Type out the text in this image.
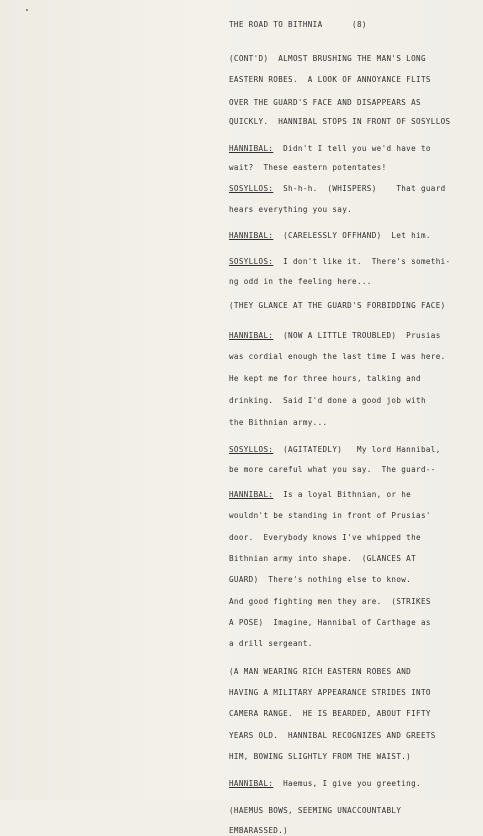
THE ROAD TO BITHNIA      (8)
(CONT'D)  ALMOST BRUSHING THE MAN'S LONG
EASTERN ROBES.  A LOOK OF ANNOYANCE FLITS
OVER THE GUARD'S FACE AND DISAPPEARS AS
QUICKLY.  HANNIBAL STOPS IN FRONT OF SOSYLLOS
HANNIBAL:  Didn't I tell you we'd have to
wait?  These eastern potentates!
SOSYLLOS:  Sh-h-h.  (WHISPERS)    That guard
hears everything you say.
HANNIBAL:  (CARELESSLY OFFHAND)  Let him.
SOSYLLOS:  I don't like it.  There's somethi-
ng odd in the feeling here...
(THEY GLANCE AT THE GUARD'S FORBIDDING FACE)
HANNIBAL:  (NOW A LITTLE TROUBLED)  Prusias
was cordial enough the last time I was here.
He kept me for three hours, talking and
drinking.  Said I'd done a good job with
the Bithnian army...
SOSYLLOS:  (AGITATEDLY)   My lord Hannibal,
be more careful what you say.  The guard--
HANNIBAL:  Is a loyal Bithnian, or he
wouldn't be standing in front of Prusias'
door.  Everybody knows I've whipped the
Bithnian army into shape.  (GLANCES AT
GUARD)  There's nothing else to know.
And good fighting men they are.  (STRIKES
A POSE)  Imagine, Hannibal of Carthage as
a drill sergeant.
(A MAN WEARING RICH EASTERN ROBES AND
HAVING A MILITARY APPEARANCE STRIDES INTO
CAMERA RANGE.  HE IS BEARDED, ABOUT FIFTY
YEARS OLD.  HANNIBAL RECOGNIZES AND GREETS
HIM, BOWING SLIGHTLY FROM THE WAIST.)
HANNIBAL:  Haemus, I give you greeting.
(HAEMUS BOWS, SEEMING UNACCOUNTABLY
EMBARASSED.)
